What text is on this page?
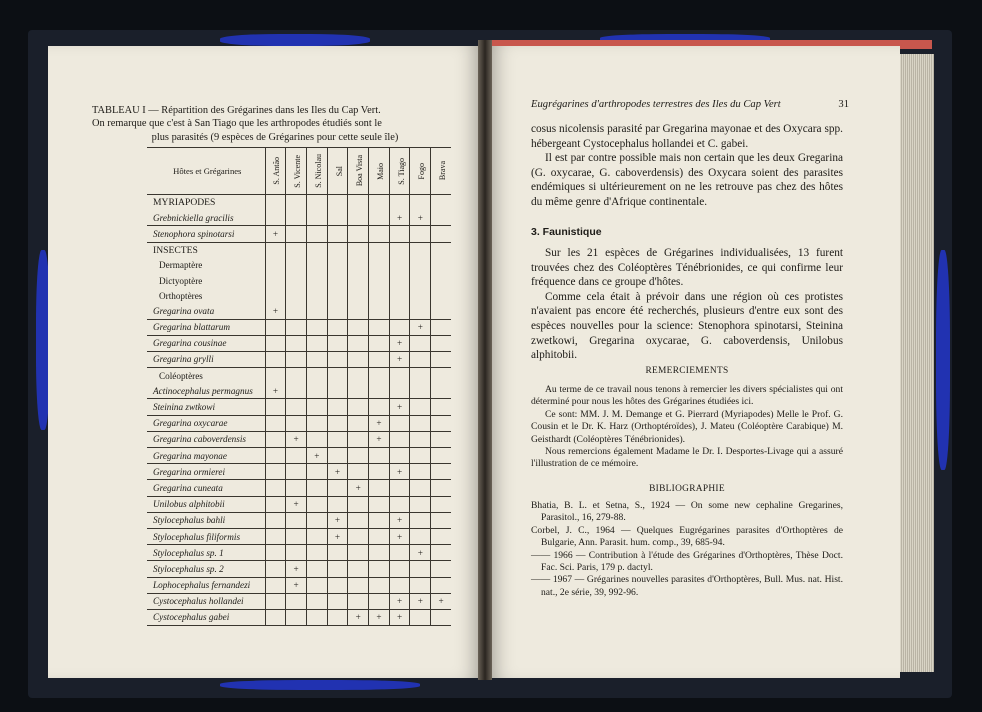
TABLEAU I — Répartition des Grégarines dans les Iles du Cap Vert.

On remarque que c'est à San Tiago que les arthropodes étudiés sont le

plus parasités (9 espèces de Grégarines pour cette seule île)

Hôtes et Grégarines	S. Antão	S. Vicente	S. Nicolau	Sal	Boa Vista	Maio	S. Tiago	Fogo	Brava

MYRIAPODES									
Grebnickiella gracilis							+	+	
Stenophora spinotarsi	+								
INSECTES									
Dermaptère									
Dictyoptère									
Orthoptères									
Gregarina ovata	+								
Gregarina blattarum								+	
Gregarina cousinae							+		
Gregarina grylli							+		
Coléoptères									
Actinocephalus permagnus	+								
Steinina zwtkowi							+		
Gregarina oxycarae						+			
Gregarina caboverdensis		+				+			
Gregarina mayonae			+						
Gregarina ormierei				+			+		
Gregarina cuneata					+				
Unilobus alphitobii		+							
Stylocephalus bahli				+			+		
Stylocephalus filiformis				+			+		
Stylocephalus sp. 1								+	
Stylocephalus sp. 2		+							
Lophocephalus fernandezi		+							
Cystocephalus hollandei							+	+	+
Cystocephalus gabei					+	+	+		
Eugrégarines d'arthropodes terrestres des Iles du Cap Vert	31

cosus nicolensis parasité par Gregarina mayonae et des Oxycara spp. hébergeant Cystocephalus hollandei et C. gabei.

Il est par contre possible mais non certain que les deux Gregarina (G. oxycarae, G. caboverdensis) des Oxycara soient des parasites endémiques si ultérieurement on ne les retrouve pas chez des hôtes du même genre d'Afrique continentale.

3. Faunistique

Sur les 21 espèces de Grégarines individualisées, 13 furent trouvées chez des Coléoptères Ténébrionides, ce qui confirme leur fréquence dans ce groupe d'hôtes.

Comme cela était à prévoir dans une région où ces protistes n'avaient pas encore été recherchés, plusieurs d'entre eux sont des espèces nouvelles pour la science: Stenophora spinotarsi, Steinina zwetkowi, Gregarina oxycarae, G. caboverdensis, Unilobus alphitobii.

REMERCIEMENTS

Au terme de ce travail nous tenons à remercier les divers spécialistes qui ont déterminé pour nous les hôtes des Grégarines étudiées ici.

Ce sont: MM. J. M. Demange et G. Pierrard (Myriapodes) Melle le Prof. G. Cousin et le Dr. K. Harz (Orthoptéroïdes), J. Mateu (Coléoptère Carabique) M. Geisthardt (Coléoptères Ténébrionides).

Nous remercions également Madame le Dr. I. Desportes-Livage qui a assuré l'illustration de ce mémoire.

BIBLIOGRAPHIE

Bhatia, B. L. et Setna, S., 1924 — On some new cephaline Gregarines, Parasitol., 16, 279-88.

Corbel, J. C., 1964 — Quelques Eugrégarines parasites d'Orthoptères de Bulgarie, Ann. Parasit. hum. comp., 39, 685-94.

—— 1966 — Contribution à l'étude des Grégarines d'Orthoptères, Thèse Doct. Fac. Sci. Paris, 179 p. dactyl.

—— 1967 — Grégarines nouvelles parasites d'Orthoptères, Bull. Mus. nat. Hist. nat., 2e série, 39, 992-96.
